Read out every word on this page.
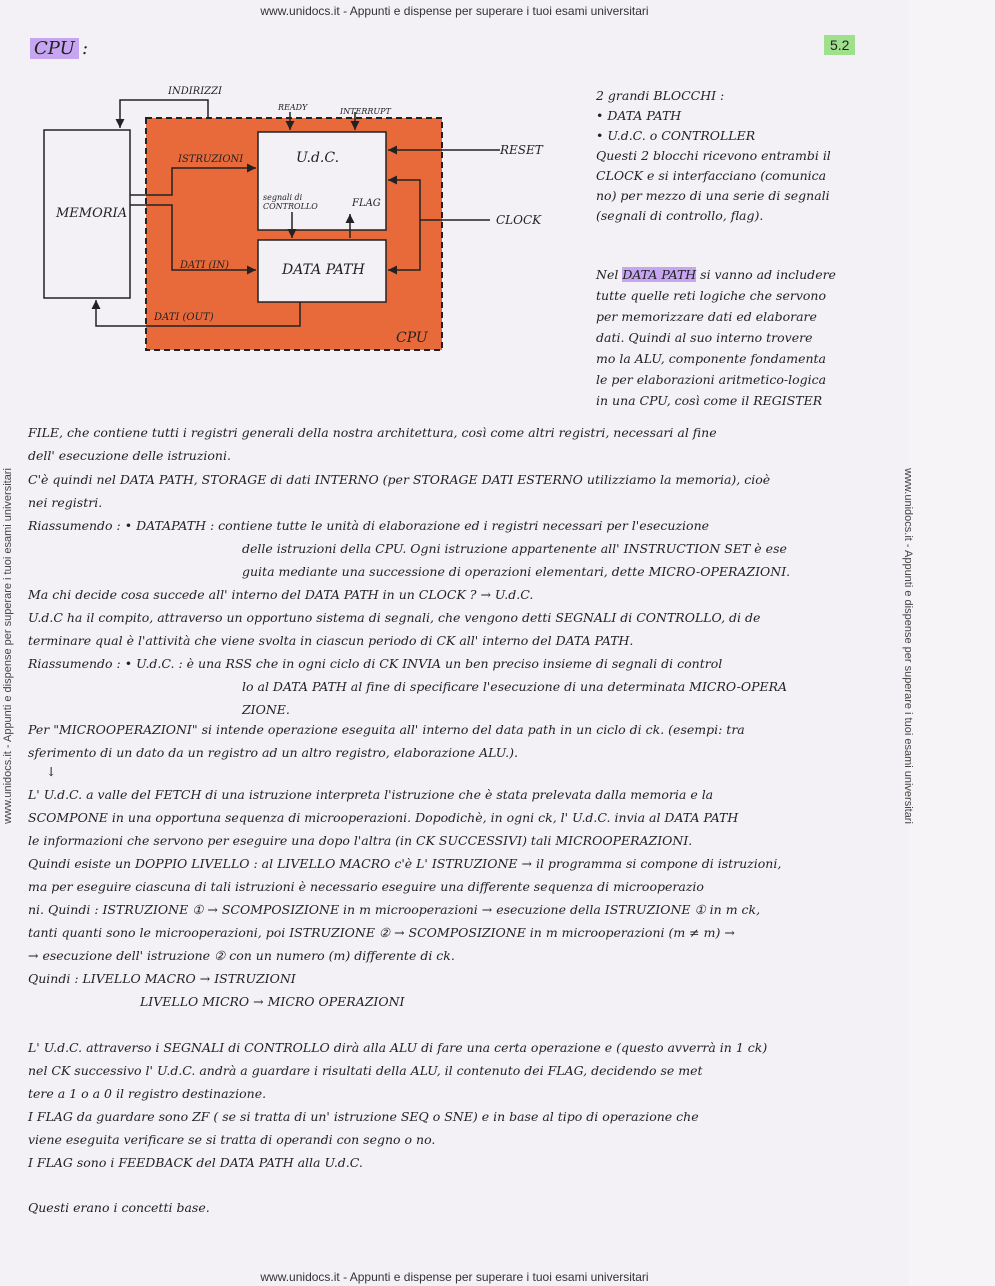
www.unidocs.it - Appunti e dispense per superare i tuoi esami universitari
www.unidocs.it - Appunti e dispense per superare i tuoi esami universitari	www.unidocs.it - Appunti e dispense per superare i tuoi esami universitari
CPU :	5.2
INDIRIZZI
READY	INTERRUPT
ISTRUZIONI	U.d.C.
segnali di CONTROLLO	FLAG
MEMORIA
DATI (IN)	DATA PATH
DATI (OUT)
CPU
RESET
CLOCK
2 grandi BLOCCHI :
• DATA PATH
• U.d.C. o CONTROLLER
Questi 2 blocchi ricevono entrambi il
CLOCK e si interfacciano (comunica
no) per mezzo di una serie di segnali
(segnali di controllo, flag).
Nel DATA PATH si vanno ad includere
tutte quelle reti logiche che servono
per memorizzare dati ed elaborare
dati. Quindi al suo interno trovere
mo la ALU, componente fondamenta
le per elaborazioni aritmetico-logica
in una CPU, così come il REGISTER
FILE, che contiene tutti i registri generali della nostra architettura, così come altri registri, necessari al fine
dell' esecuzione delle istruzioni.
C'è quindi nel DATA PATH, STORAGE di dati INTERNO (per STORAGE DATI ESTERNO utilizziamo la memoria), cioè
nei registri.
Riassumendo : • DATAPATH : contiene tutte le unità di elaborazione ed i registri necessari per l'esecuzione
delle istruzioni della CPU. Ogni istruzione appartenente all' INSTRUCTION SET è ese
guita mediante una successione di operazioni elementari, dette MICRO-OPERAZIONI.
Ma chi decide cosa succede all' interno del DATA PATH in un CLOCK ? → U.d.C.
U.d.C ha il compito, attraverso un opportuno sistema di segnali, che vengono detti SEGNALI di CONTROLLO, di de
terminare qual è l'attività che viene svolta in ciascun periodo di CK all' interno del DATA PATH.
Riassumendo : • U.d.C. : è una RSS che in ogni ciclo di CK INVIA un ben preciso insieme di segnali di control
lo al DATA PATH al fine di specificare l'esecuzione di una determinata MICRO-OPERA
ZIONE.
Per "MICROOPERAZIONI" si intende operazione eseguita all' interno del data path in un ciclo di ck. (esempi: tra
sferimento di un dato da un registro ad un altro registro, elaborazione ALU.).
↓
L' U.d.C. a valle del FETCH di una istruzione interpreta l'istruzione che è stata prelevata dalla memoria e la
SCOMPONE in una opportuna sequenza di microoperazioni. Dopodichè, in ogni ck, l' U.d.C. invia al DATA PATH
le informazioni che servono per eseguire una dopo l'altra (in CK SUCCESSIVI) tali MICROOPERAZIONI.
Quindi esiste un DOPPIO LIVELLO : al LIVELLO MACRO c'è L' ISTRUZIONE → il programma si compone di istruzioni,
ma per eseguire ciascuna di tali istruzioni è necessario eseguire una differente sequenza di microoperazio
ni. Quindi : ISTRUZIONE ① → SCOMPOSIZIONE in m microoperazioni → esecuzione della ISTRUZIONE ① in m ck,
tanti quanti sono le microoperazioni, poi ISTRUZIONE ② → SCOMPOSIZIONE in m microoperazioni (m ≠ m) →
→ esecuzione dell' istruzione ② con un numero (m) differente di ck.
Quindi : LIVELLO MACRO → ISTRUZIONI
LIVELLO MICRO → MICRO OPERAZIONI
L' U.d.C. attraverso i SEGNALI di CONTROLLO dirà alla ALU di fare una certa operazione e (questo avverrà in 1 ck)
nel CK successivo l' U.d.C. andrà a guardare i risultati della ALU, il contenuto dei FLAG, decidendo se met
tere a 1 o a 0 il registro destinazione.
I FLAG da guardare sono ZF ( se si tratta di un' istruzione SEQ o SNE) e in base al tipo di operazione che
viene eseguita verificare se si tratta di operandi con segno o no.
I FLAG sono i FEEDBACK del DATA PATH alla U.d.C.
Questi erano i concetti base.
www.unidocs.it - Appunti e dispense per superare i tuoi esami universitari
